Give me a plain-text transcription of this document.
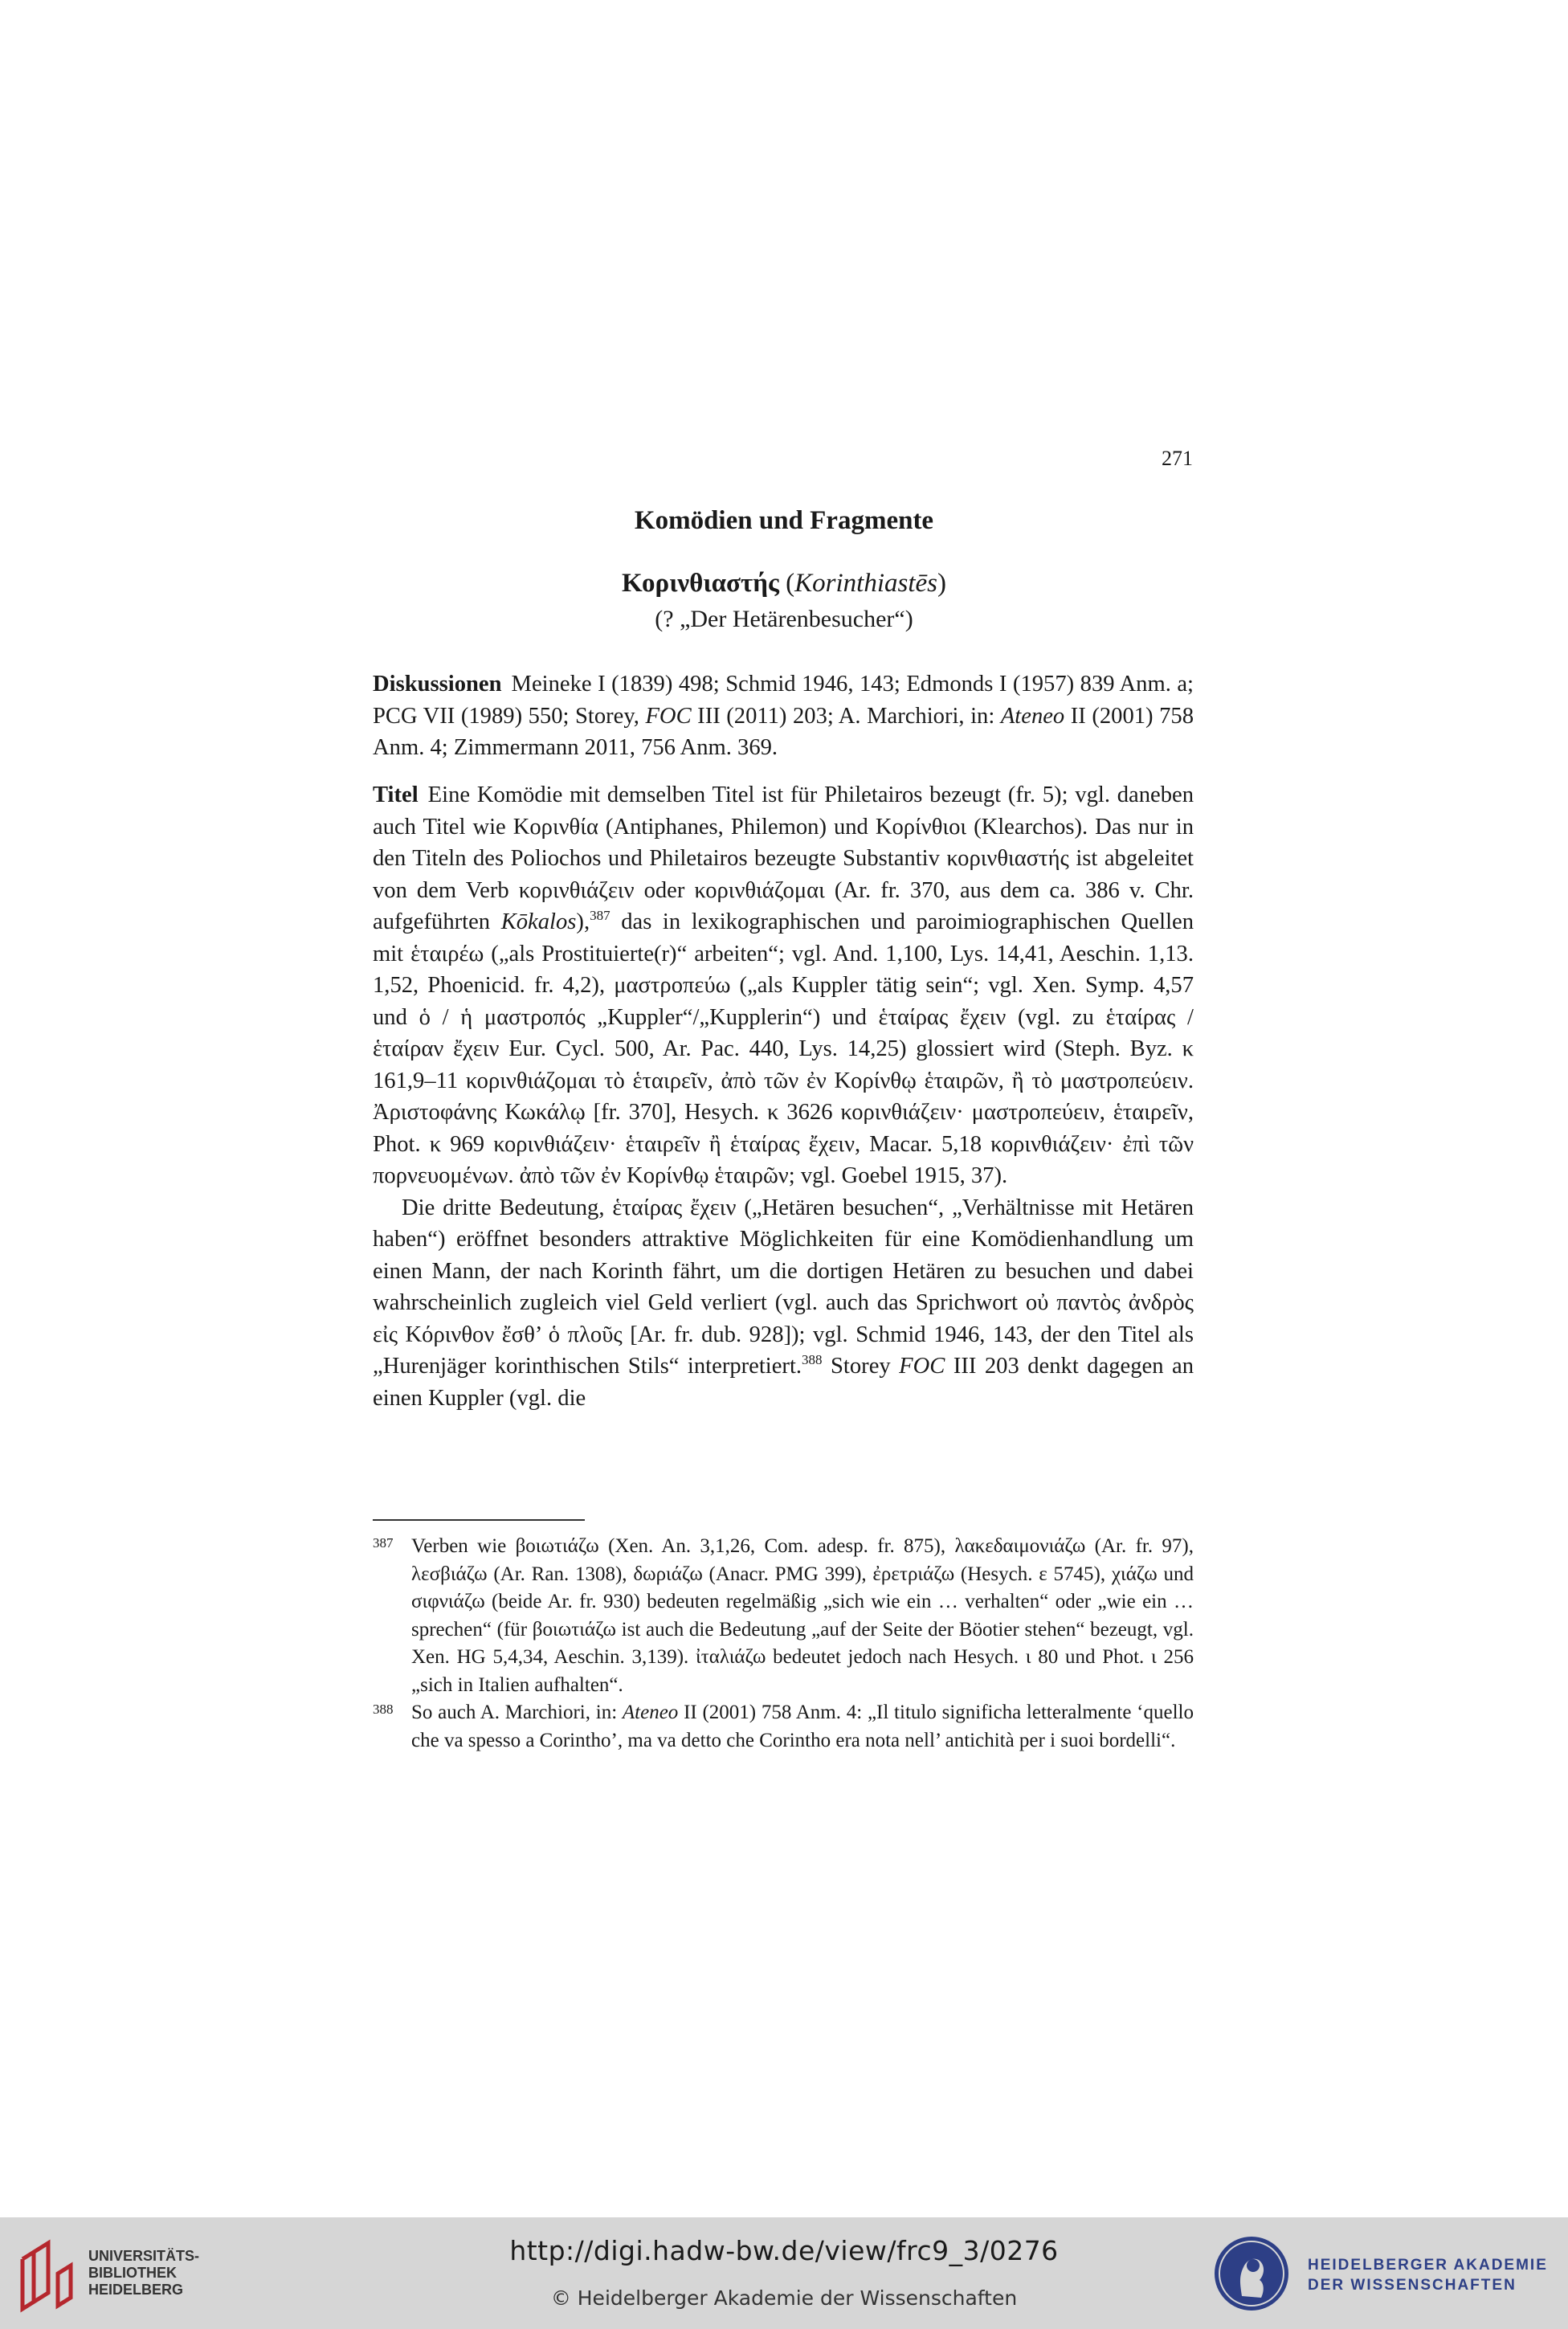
271
Komödien und Fragmente
Κορινθιαστής (Korinthiastēs)
(? „Der Hetärenbesucher“)

Diskussionen Meineke I (1839) 498; Schmid 1946, 143; Edmonds I (1957) 839 Anm. a; PCG VII (1989) 550; Storey, FOC III (2011) 203; A. Marchiori, in: Ateneo II (2001) 758 Anm. 4; Zimmermann 2011, 756 Anm. 369.

Titel Eine Komödie mit demselben Titel ist für Philetairos bezeugt (fr. 5); vgl. daneben auch Titel wie Κορινθία (Antiphanes, Philemon) und Κορίνθιοι (Klearchos). Das nur in den Titeln des Poliochos und Philetairos bezeugte Substantiv κορινθιαστής ist abgeleitet von dem Verb κορινθιάζειν oder κορινθιάζομαι (Ar. fr. 370, aus dem ca. 386 v. Chr. aufgeführten Kōkalos),$^{387}$ das in lexikographischen und paroimiographischen Quellen mit ἑταιρέω („als Prostituierte(r)“ arbeiten“; vgl. And. 1,100, Lys. 14,41, Aeschin. 1,13. 1,52, Phoenicid. fr. 4,2), μαστροπεύω („als Kuppler tätig sein“; vgl. Xen. Symp. 4,57 und ὁ / ἡ μαστροπός „Kuppler“/„Kupplerin“) und ἑταίρας ἔχειν (vgl. zu ἑταίρας / ἑταίραν ἔχειν Eur. Cycl. 500, Ar. Pac. 440, Lys. 14,25) glossiert wird (Steph. Byz. κ 161,9–11 κορινθιάζομαι τὸ ἑταιρεῖν, ἀπὸ τῶν ἐν Κορίνθῳ ἑταιρῶν, ἢ τὸ μαστροπεύειν. Ἀριστοφάνης Κωκάλῳ [fr. 370], Hesych. κ 3626 κορινθιάζειν· μαστροπεύειν, ἑταιρεῖν, Phot. κ 969 κορινθιάζειν· ἑταιρεῖν ἢ ἑταίρας ἔχειν, Macar. 5,18 κορινθιάζειν· ἐπὶ τῶν πορνευομένων. ἀπὸ τῶν ἐν Κορίνθῳ ἑταιρῶν; vgl. Goebel 1915, 37).

Die dritte Bedeutung, ἑταίρας ἔχειν („Hetären besuchen“, „Verhältnisse mit Hetären haben“) eröffnet besonders attraktive Möglichkeiten für eine Komödienhandlung um einen Mann, der nach Korinth fährt, um die dortigen Hetären zu besuchen und dabei wahrscheinlich zugleich viel Geld verliert (vgl. auch das Sprichwort οὐ παντὸς ἀνδρὸς εἰς Κόρινθον ἔσθ’ ὁ πλοῦς [Ar. fr. dub. 928]); vgl. Schmid 1946, 143, der den Titel als „Hurenjäger korinthischen Stils“ interpretiert.$^{388}$ Storey FOC III 203 denkt dagegen an einen Kuppler (vgl. die

387 Verben wie βοιωτιάζω (Xen. An. 3,1,26, Com. adesp. fr. 875), λακεδαιμονιάζω (Ar. fr. 97), λεσβιάζω (Ar. Ran. 1308), δωριάζω (Anacr. PMG 399), ἐρετριάζω (Hesych. ε 5745), χιάζω und σιφνιάζω (beide Ar. fr. 930) bedeuten regelmäßig „sich wie ein … verhalten“ oder „wie ein … sprechen“ (für βοιωτιάζω ist auch die Bedeutung „auf der Seite der Böotier stehen“ bezeugt, vgl. Xen. HG 5,4,34, Aeschin. 3,139). ἰταλιάζω bedeutet jedoch nach Hesych. ι 80 und Phot. ι 256 „sich in Italien aufhalten“.
388 So auch A. Marchiori, in: Ateneo II (2001) 758 Anm. 4: „Il titulo significha letteralmente ‘quello che va spesso a Corintho’, ma va detto che Corintho era nota nell’ antichità per i suoi bordelli“.
UNIVERSITÄTS-
BIBLIOTHEK
HEIDELBERG
http://digi.hadw-bw.de/view/frc9_3/0276
© Heidelberger Akademie der Wissenschaften
HEIDELBERGER AKADEMIE
DER WISSENSCHAFTEN
